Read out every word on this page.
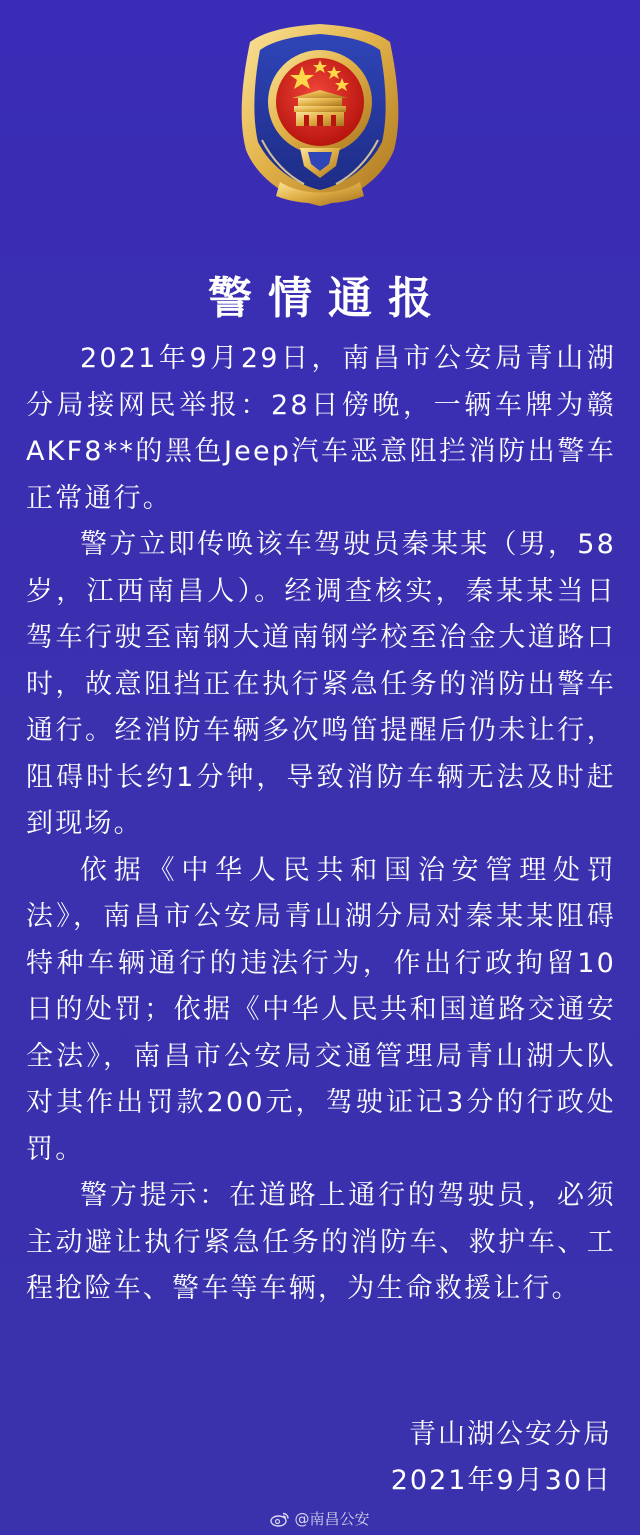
警情通报

2021年9月29日，南昌市公安局青山湖分局接网民举报：28日傍晚，一辆车牌为赣AKF8**的黑色Jeep汽车恶意阻拦消防出警车正常通行。

警方立即传唤该车驾驶员秦某某（男，58岁，江西南昌人）。经调查核实，秦某某当日驾车行驶至南钢大道南钢学校至冶金大道路口时，故意阻挡正在执行紧急任务的消防出警车通行。经消防车辆多次鸣笛提醒后仍未让行，阻碍时长约1分钟，导致消防车辆无法及时赶到现场。

依据《中华人民共和国治安管理处罚法》，南昌市公安局青山湖分局对秦某某阻碍特种车辆通行的违法行为，作出行政拘留10日的处罚；依据《中华人民共和国道路交通安全法》，南昌市公安局交通管理局青山湖大队对其作出罚款200元，驾驶证记3分的行政处罚。

警方提示：在道路上通行的驾驶员，必须主动避让执行紧急任务的消防车、救护车、工程抢险车、警车等车辆，为生命救援让行。

青山湖公安分局
2021年9月30日
@南昌公安
